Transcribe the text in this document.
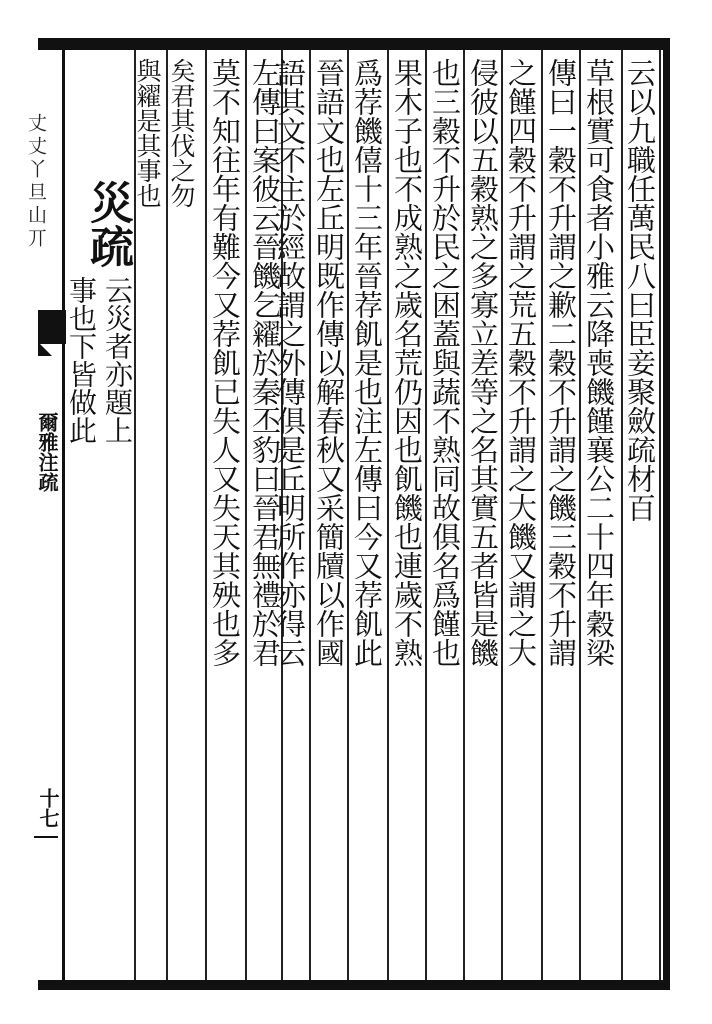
丈丈丫旦山丌
爾雅注疏
十七
云以九職任萬民八曰臣妾聚斂疏材百
草根實可食者小雅云降喪饑饉襄公二十四年穀梁
傳曰一穀不升謂之歉二穀不升謂之饑三穀不升謂
之饉四穀不升謂之荒五穀不升謂之大饑又謂之大
侵彼以五穀熟之多寡立差等之名其實五者皆是饑
也三穀不升於民之困蓋與蔬不熟同故俱名爲饉也
果木子也不成熟之歲名荒仍因也飢饑也連歲不熟
爲荐饑僖十三年晉荐飢是也注左傳曰今又荐飢此
晉語文也左丘明既作傳以解春秋又采簡牘以作國
語其文不主於經故謂之外傳俱是丘明所作亦得云
左傳曰案彼云晉饑乞糴於秦丕豹曰晉君無禮於君
莫不知往年有難今又荐飢已失人又失天其殃也多
矣君其伐之勿
與糴是其事也
災疏
云災者亦題上
事也下皆做此
